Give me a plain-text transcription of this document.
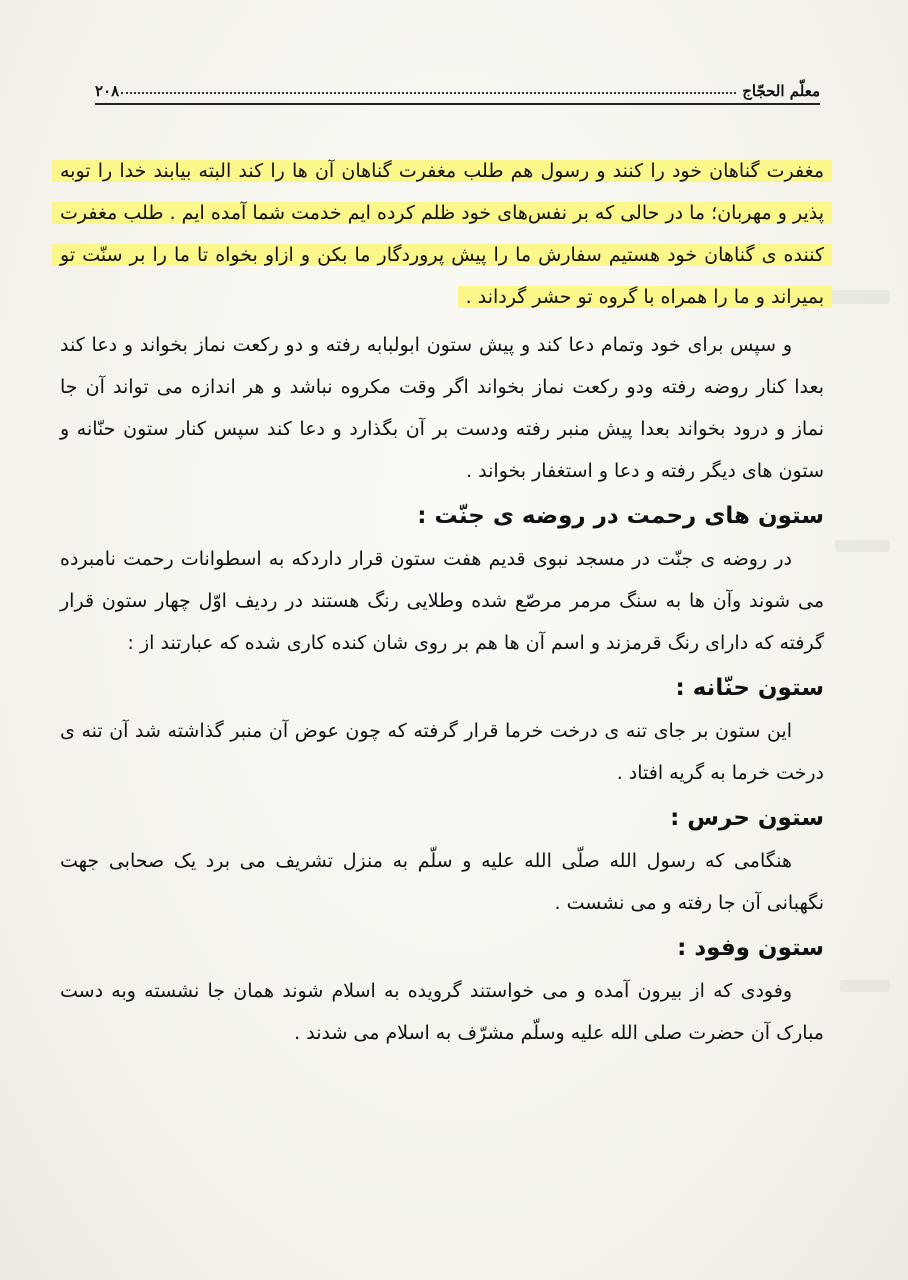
معلّم الحجّاج
۲۰۸

مغفرت گناهان خود را کنند و رسول هم طلب مغفرت گناهان آن ها را کند البته بیابند خدا را توبه پذیر و مهربان؛ ما در حالی که بر نفس‌های خود ظلم کرده ایم خدمت شما آمده ایم . طلب مغفرت کننده ی گناهان خود هستیم سفارش ما را پیش پروردگار ما بکن و ازاو بخواه تا ما را بر سنّت تو بمیراند و ما را همراه با گروه تو حشر گرداند .

و سپس برای خود وتمام دعا کند و پیش ستون ابولبابه رفته و دو رکعت نماز بخواند و دعا کند بعدا کنار روضه رفته ودو رکعت نماز بخواند اگر وقت مکروه نباشد و هر اندازه می تواند آن جا نماز و درود بخواند بعدا پیش منبر رفته ودست بر آن بگذارد و دعا کند سپس کنار ستون حنّانه و ستون های دیگر رفته و دعا و استغفار بخواند .

ستون های رحمت در روضه ی جنّت :

در روضه ی جنّت در مسجد نبوی قدیم هفت ستون قرار داردکه به اسطوانات رحمت نامبرده می شوند وآن ها به سنگ مرمر مرصّع شده وطلایی رنگ هستند در ردیف اوّل چهار ستون قرار گرفته که دارای رنگ قرمزند و اسم آن ها هم بر روی شان کنده کاری شده که عبارتند از :

ستون حنّانه :

این ستون بر جای تنه ی درخت خرما قرار گرفته که چون عوض آن منبر گذاشته شد آن تنه ی درخت خرما به گریه افتاد .

ستون حرس :

هنگامی که رسول الله صلّی الله علیه و سلّم به منزل تشریف می برد یک صحابی جهت نگهبانی آن جا رفته و می نشست .

ستون وفود :

وفودی که از بیرون آمده و می خواستند گرویده به اسلام شوند همان جا نشسته وبه دست مبارک آن حضرت صلی الله علیه وسلّم مشرّف به اسلام می شدند .
